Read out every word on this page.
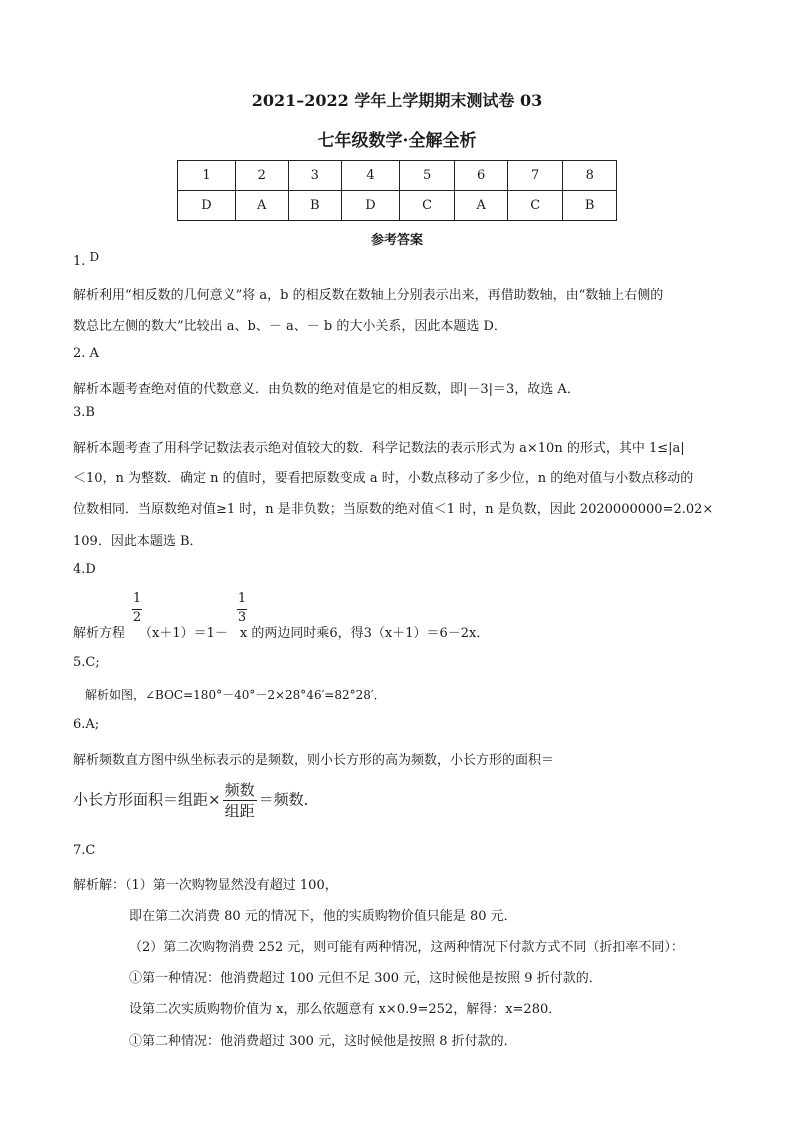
2021–2022 学年上学期期末测试卷 03
七年级数学·全解全析
1	2	3	4	5	6	7	8
D	A	B	D	C	A	C	B
参考答案
1. D
解析利用“相反数的几何意义”将 a，b 的相反数在数轴上分别表示出来，再借助数轴，由“数轴上右侧的
数总比左侧的数大”比较出 a、b、－ a、－ b 的大小关系，因此本题选 D．
2. A
解析本题考查绝对值的代数意义．由负数的绝对值是它的相反数，即|－3|＝3，故选 A．
3.B
解析本题考查了用科学记数法表示绝对值较大的数．科学记数法的表示形式为 a×10n 的形式，其中 1≤|a|
＜10，n 为整数．确定 n 的值时，要看把原数变成 a 时，小数点移动了多少位，n 的绝对值与小数点移动的
位数相同．当原数绝对值≥1 时，n 是非负数；当原数的绝对值＜1 时，n 是负数，因此 2020000000=2.02×
109．因此本题选 B．
4.D
1
2
1
3
解析方程 （x＋1）＝1－ x 的两边同时乘6，得3（x＋1）＝6－2x．
5.C;
解析如图，∠BOC=180°－40°－2×28°46′=82°28′．
6.A;
解析频数直方图中纵坐标表示的是频数，则小长方形的高为频数，小长方形的面积＝
小长方形面积＝组距× $\frac{\text{频数}}{\text{组距}}$ ＝频数．
7.C
解析解：（1）第一次购物显然没有超过 100，
即在第二次消费 80 元的情况下，他的实质购物价值只能是 80 元．
（2）第二次购物消费 252 元，则可能有两种情况，这两种情况下付款方式不同（折扣率不同）：
①第一种情况：他消费超过 100 元但不足 300 元，这时候他是按照 9 折付款的．
设第二次实质购物价值为 x，那么依题意有 x×0.9=252，解得：x=280．
①第二种情况：他消费超过 300 元，这时候他是按照 8 折付款的．
